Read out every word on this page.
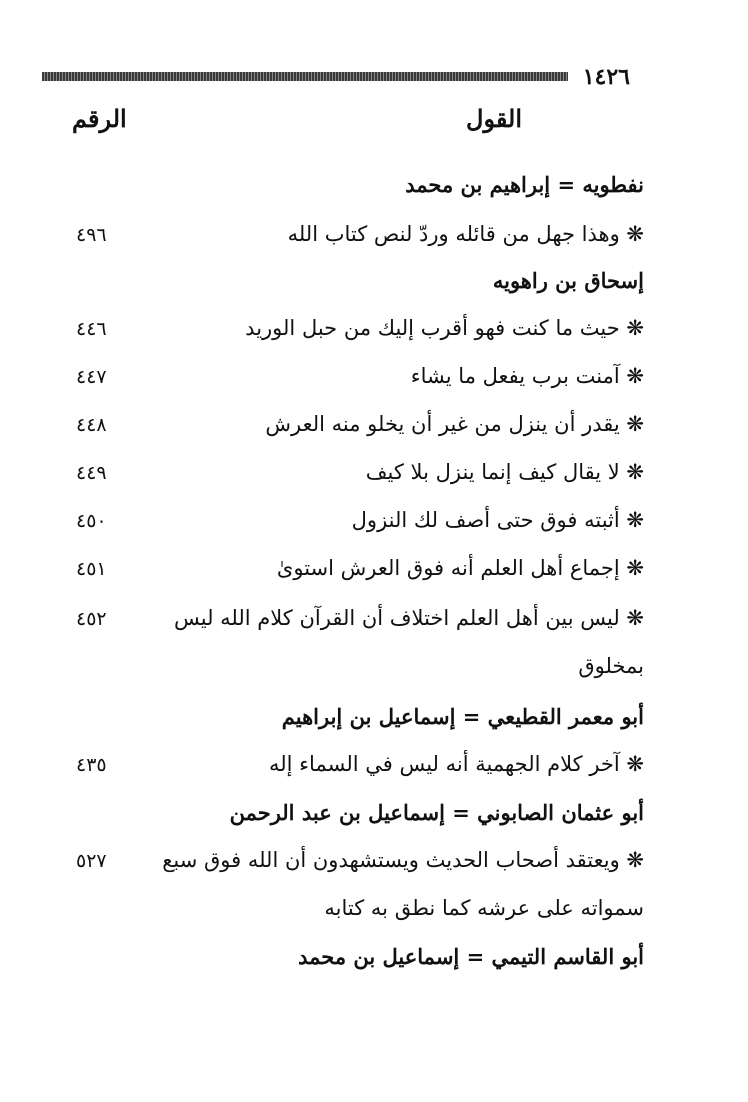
١٤٢٦
القول
الرقم
نفطويه = إبراهيم بن محمد
❋ وهذا جهل من قائله وردّ لنص كتاب الله
٤٩٦
إسحاق بن راهويه
❋ حيث ما كنت فهو أقرب إليك من حبل الوريد
٤٤٦
❋ آمنت برب يفعل ما يشاء
٤٤٧
❋ يقدر أن ينزل من غير أن يخلو منه العرش
٤٤٨
❋ لا يقال كيف إنما ينزل بلا كيف
٤٤٩
❋ أثبته فوق حتى أصف لك النزول
٤٥٠
❋ إجماع أهل العلم أنه فوق العرش استوىٰ
٤٥١
❋ ليس بين أهل العلم اختلاف أن القرآن كلام الله ليس
٤٥٢
بمخلوق
أبو معمر القطيعي = إسماعيل بن إبراهيم
❋ آخر كلام الجهمية أنه ليس في السماء إله
٤٣٥
أبو عثمان الصابوني = إسماعيل بن عبد الرحمن
❋ ويعتقد أصحاب الحديث ويستشهدون أن الله فوق سبع
٥٢٧
سمواته على عرشه كما نطق به كتابه
أبو القاسم التيمي = إسماعيل بن محمد
